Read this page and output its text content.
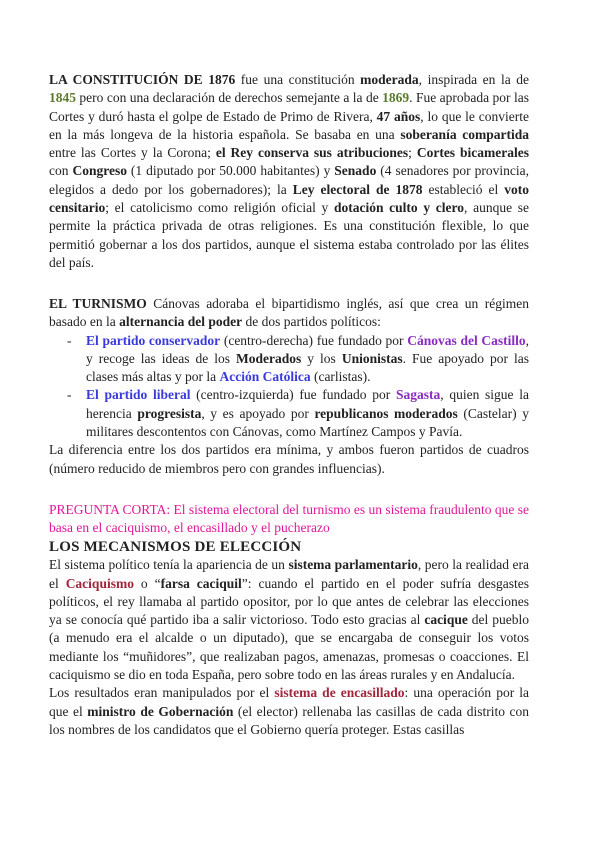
LA CONSTITUCIÓN DE 1876 fue una constitución moderada, inspirada en la de 1845 pero con una declaración de derechos semejante a la de 1869. Fue aprobada por las Cortes y duró hasta el golpe de Estado de Primo de Rivera, 47 años, lo que le convierte en la más longeva de la historia española. Se basaba en una soberanía compartida entre las Cortes y la Corona; el Rey conserva sus atribuciones; Cortes bicamerales con Congreso (1 diputado por 50.000 habitantes) y Senado (4 senadores por provincia, elegidos a dedo por los gobernadores); la Ley electoral de 1878 estableció el voto censitario; el catolicismo como religión oficial y dotación culto y clero, aunque se permite la práctica privada de otras religiones. Es una constitución flexible, lo que permitió gobernar a los dos partidos, aunque el sistema estaba controlado por las élites del país.

EL TURNISMO Cánovas adoraba el bipartidismo inglés, así que crea un régimen basado en la alternancia del poder de dos partidos políticos:

- El partido conservador (centro-derecha) fue fundado por Cánovas del Castillo, y recoge las ideas de los Moderados y los Unionistas. Fue apoyado por las clases más altas y por la Acción Católica (carlistas).
- El partido liberal (centro-izquierda) fue fundado por Sagasta, quien sigue la herencia progresista, y es apoyado por republicanos moderados (Castelar) y militares descontentos con Cánovas, como Martínez Campos y Pavía.

La diferencia entre los dos partidos era mínima, y ambos fueron partidos de cuadros (número reducido de miembros pero con grandes influencias).

PREGUNTA CORTA: El sistema electoral del turnismo es un sistema fraudulento que se basa en el caciquismo, el encasillado y el pucherazo

LOS MECANISMOS DE ELECCIÓN

El sistema político tenía la apariencia de un sistema parlamentario, pero la realidad era el Caciquismo o “farsa caciquil”: cuando el partido en el poder sufría desgastes políticos, el rey llamaba al partido opositor, por lo que antes de celebrar las elecciones ya se conocía qué partido iba a salir victorioso. Todo esto gracias al cacique del pueblo (a menudo era el alcalde o un diputado), que se encargaba de conseguir los votos mediante los “muñidores”, que realizaban pagos, amenazas, promesas o coacciones. El caciquismo se dio en toda España, pero sobre todo en las áreas rurales y en Andalucía.

Los resultados eran manipulados por el sistema de encasillado: una operación por la que el ministro de Gobernación (el elector) rellenaba las casillas de cada distrito con los nombres de los candidatos que el Gobierno quería proteger. Estas casillas
